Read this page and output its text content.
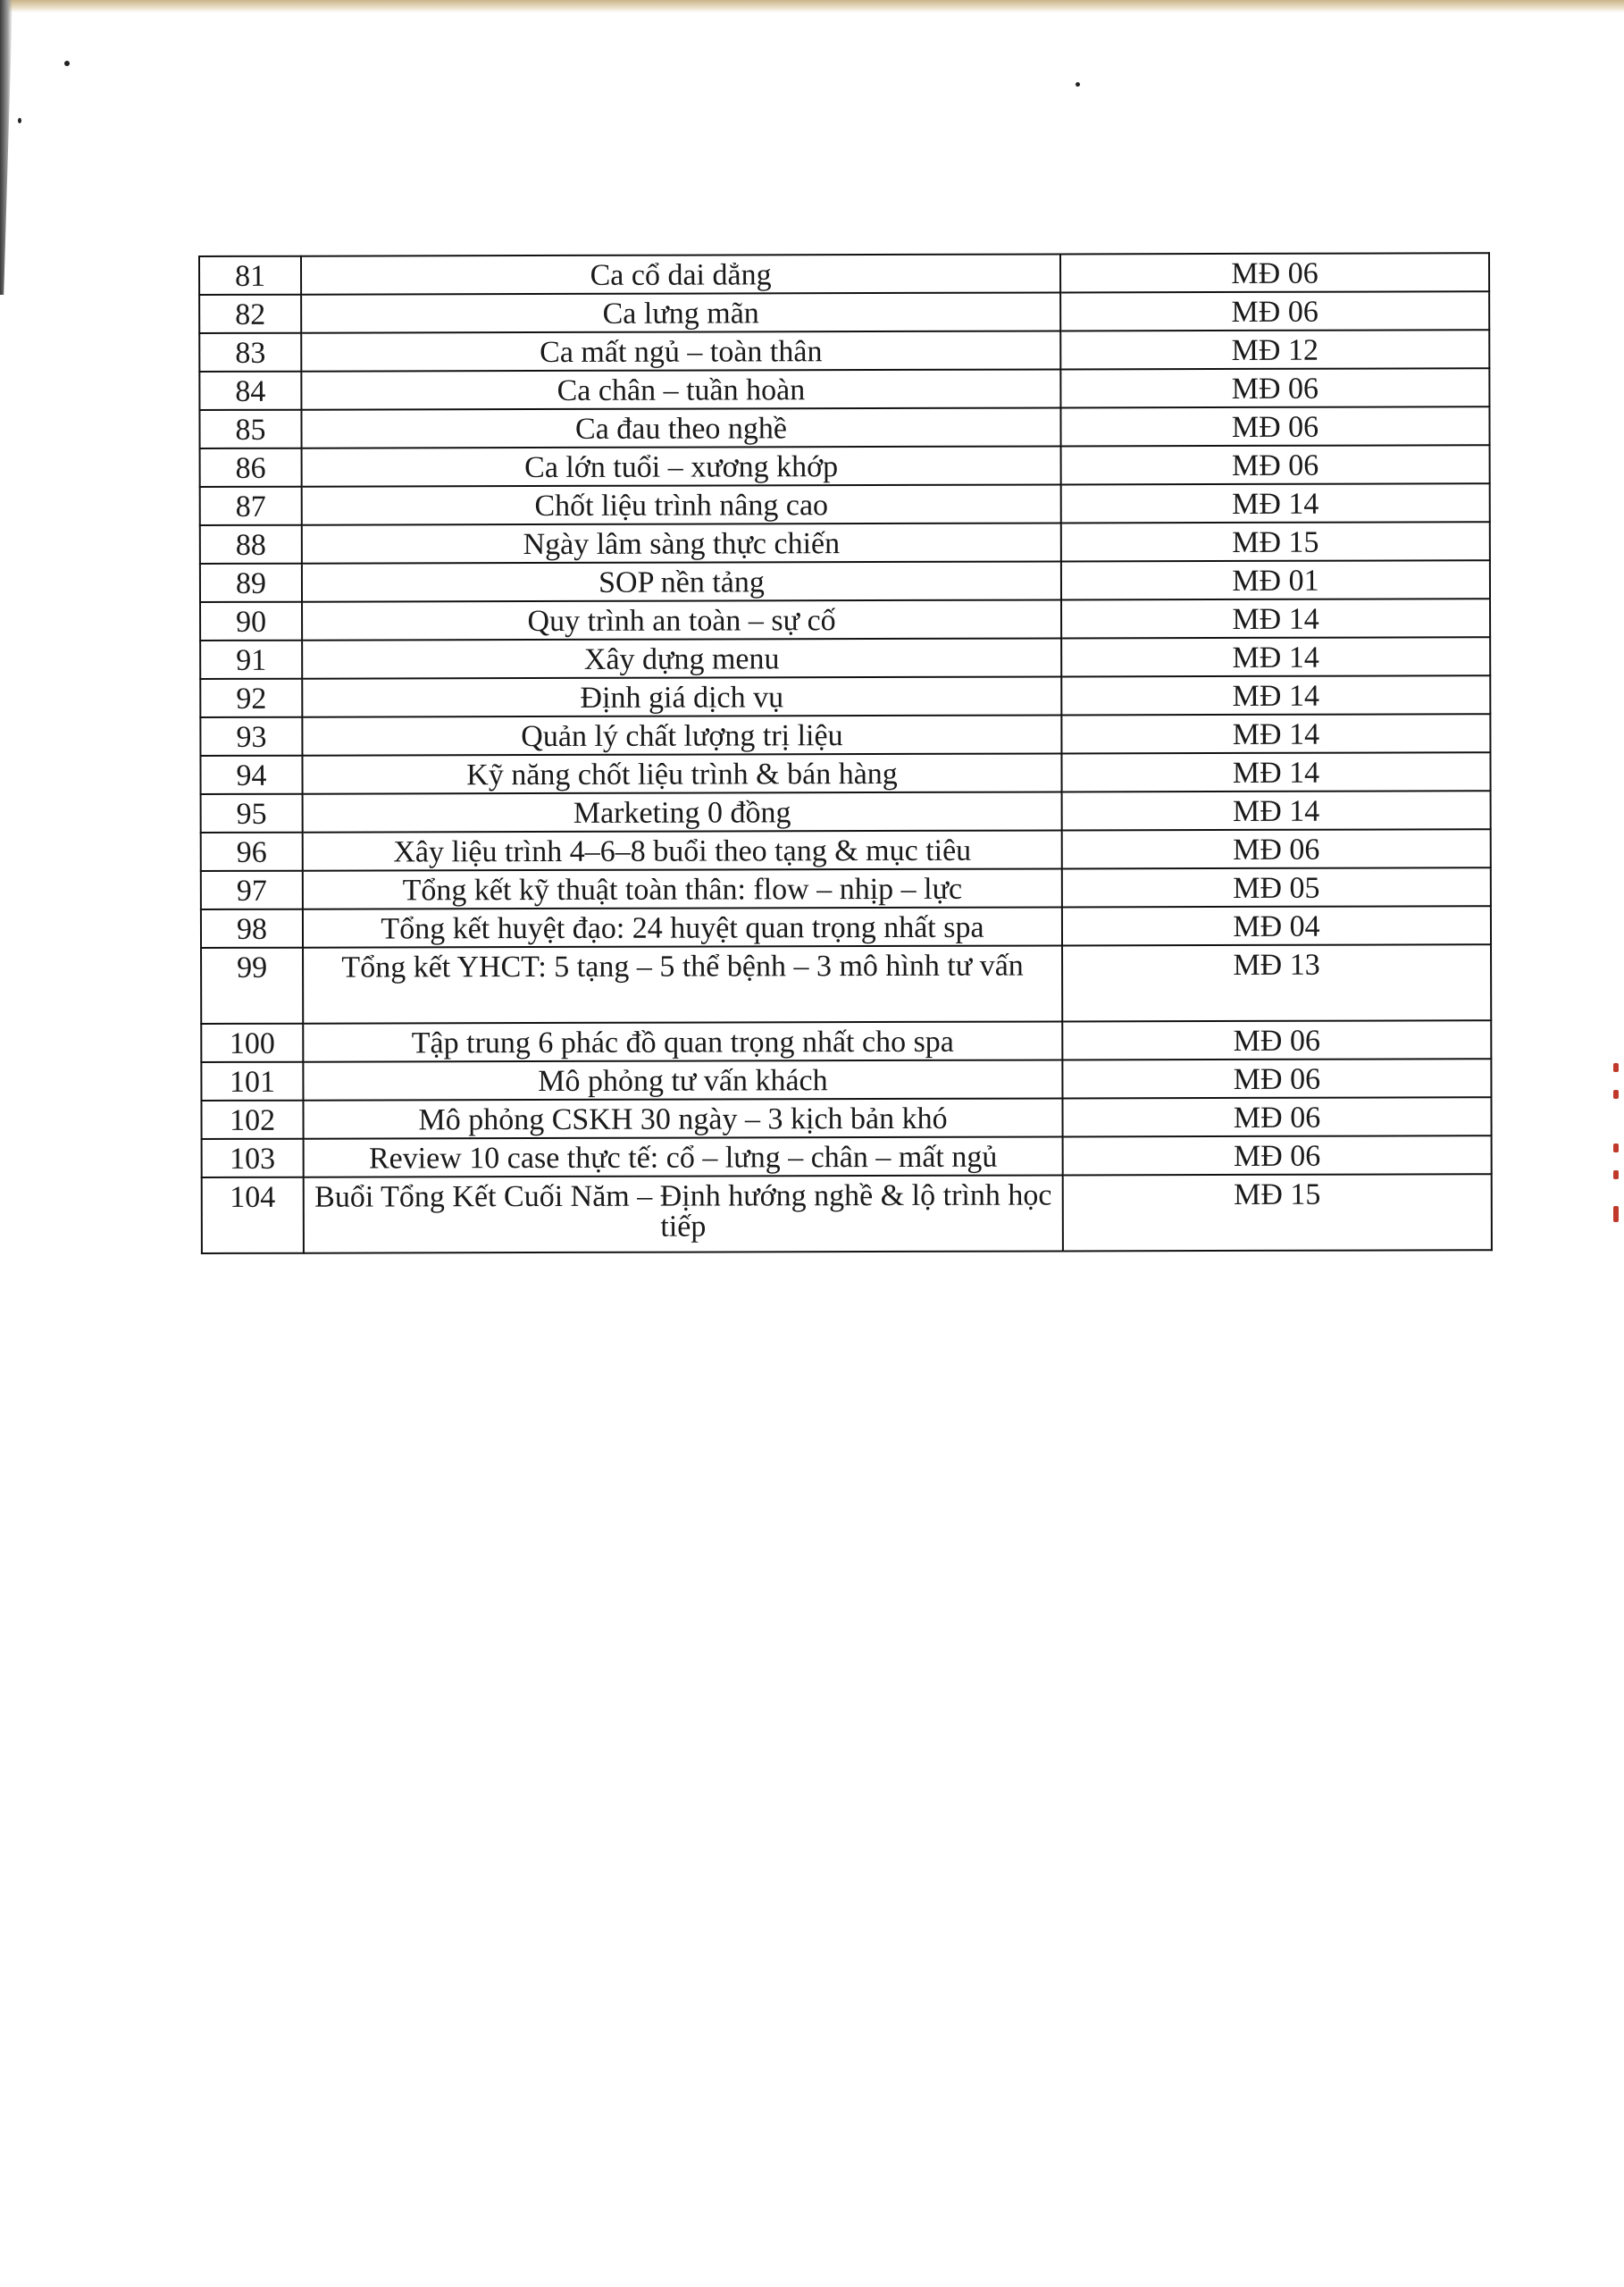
81	Ca cổ dai dẳng	MĐ 06
82	Ca lưng mãn	MĐ 06
83	Ca mất ngủ – toàn thân	MĐ 12
84	Ca chân – tuần hoàn	MĐ 06
85	Ca đau theo nghề	MĐ 06
86	Ca lớn tuổi – xương khớp	MĐ 06
87	Chốt liệu trình nâng cao	MĐ 14
88	Ngày lâm sàng thực chiến	MĐ 15
89	SOP nền tảng	MĐ 01
90	Quy trình an toàn – sự cố	MĐ 14
91	Xây dựng menu	MĐ 14
92	Định giá dịch vụ	MĐ 14
93	Quản lý chất lượng trị liệu	MĐ 14
94	Kỹ năng chốt liệu trình & bán hàng	MĐ 14
95	Marketing 0 đồng	MĐ 14
96	Xây liệu trình 4–6–8 buổi theo tạng & mục tiêu	MĐ 06
97	Tổng kết kỹ thuật toàn thân: flow – nhịp – lực	MĐ 05
98	Tổng kết huyệt đạo: 24 huyệt quan trọng nhất spa	MĐ 04
99	Tổng kết YHCT: 5 tạng – 5 thể bệnh – 3 mô hình tư vấn	MĐ 13
100	Tập trung 6 phác đồ quan trọng nhất cho spa	MĐ 06
101	Mô phỏng tư vấn khách	MĐ 06
102	Mô phỏng CSKH 30 ngày – 3 kịch bản khó	MĐ 06
103	Review 10 case thực tế: cổ – lưng – chân – mất ngủ	MĐ 06
104	Buổi Tổng Kết Cuối Năm – Định hướng nghề & lộ trình học tiếp	MĐ 15
